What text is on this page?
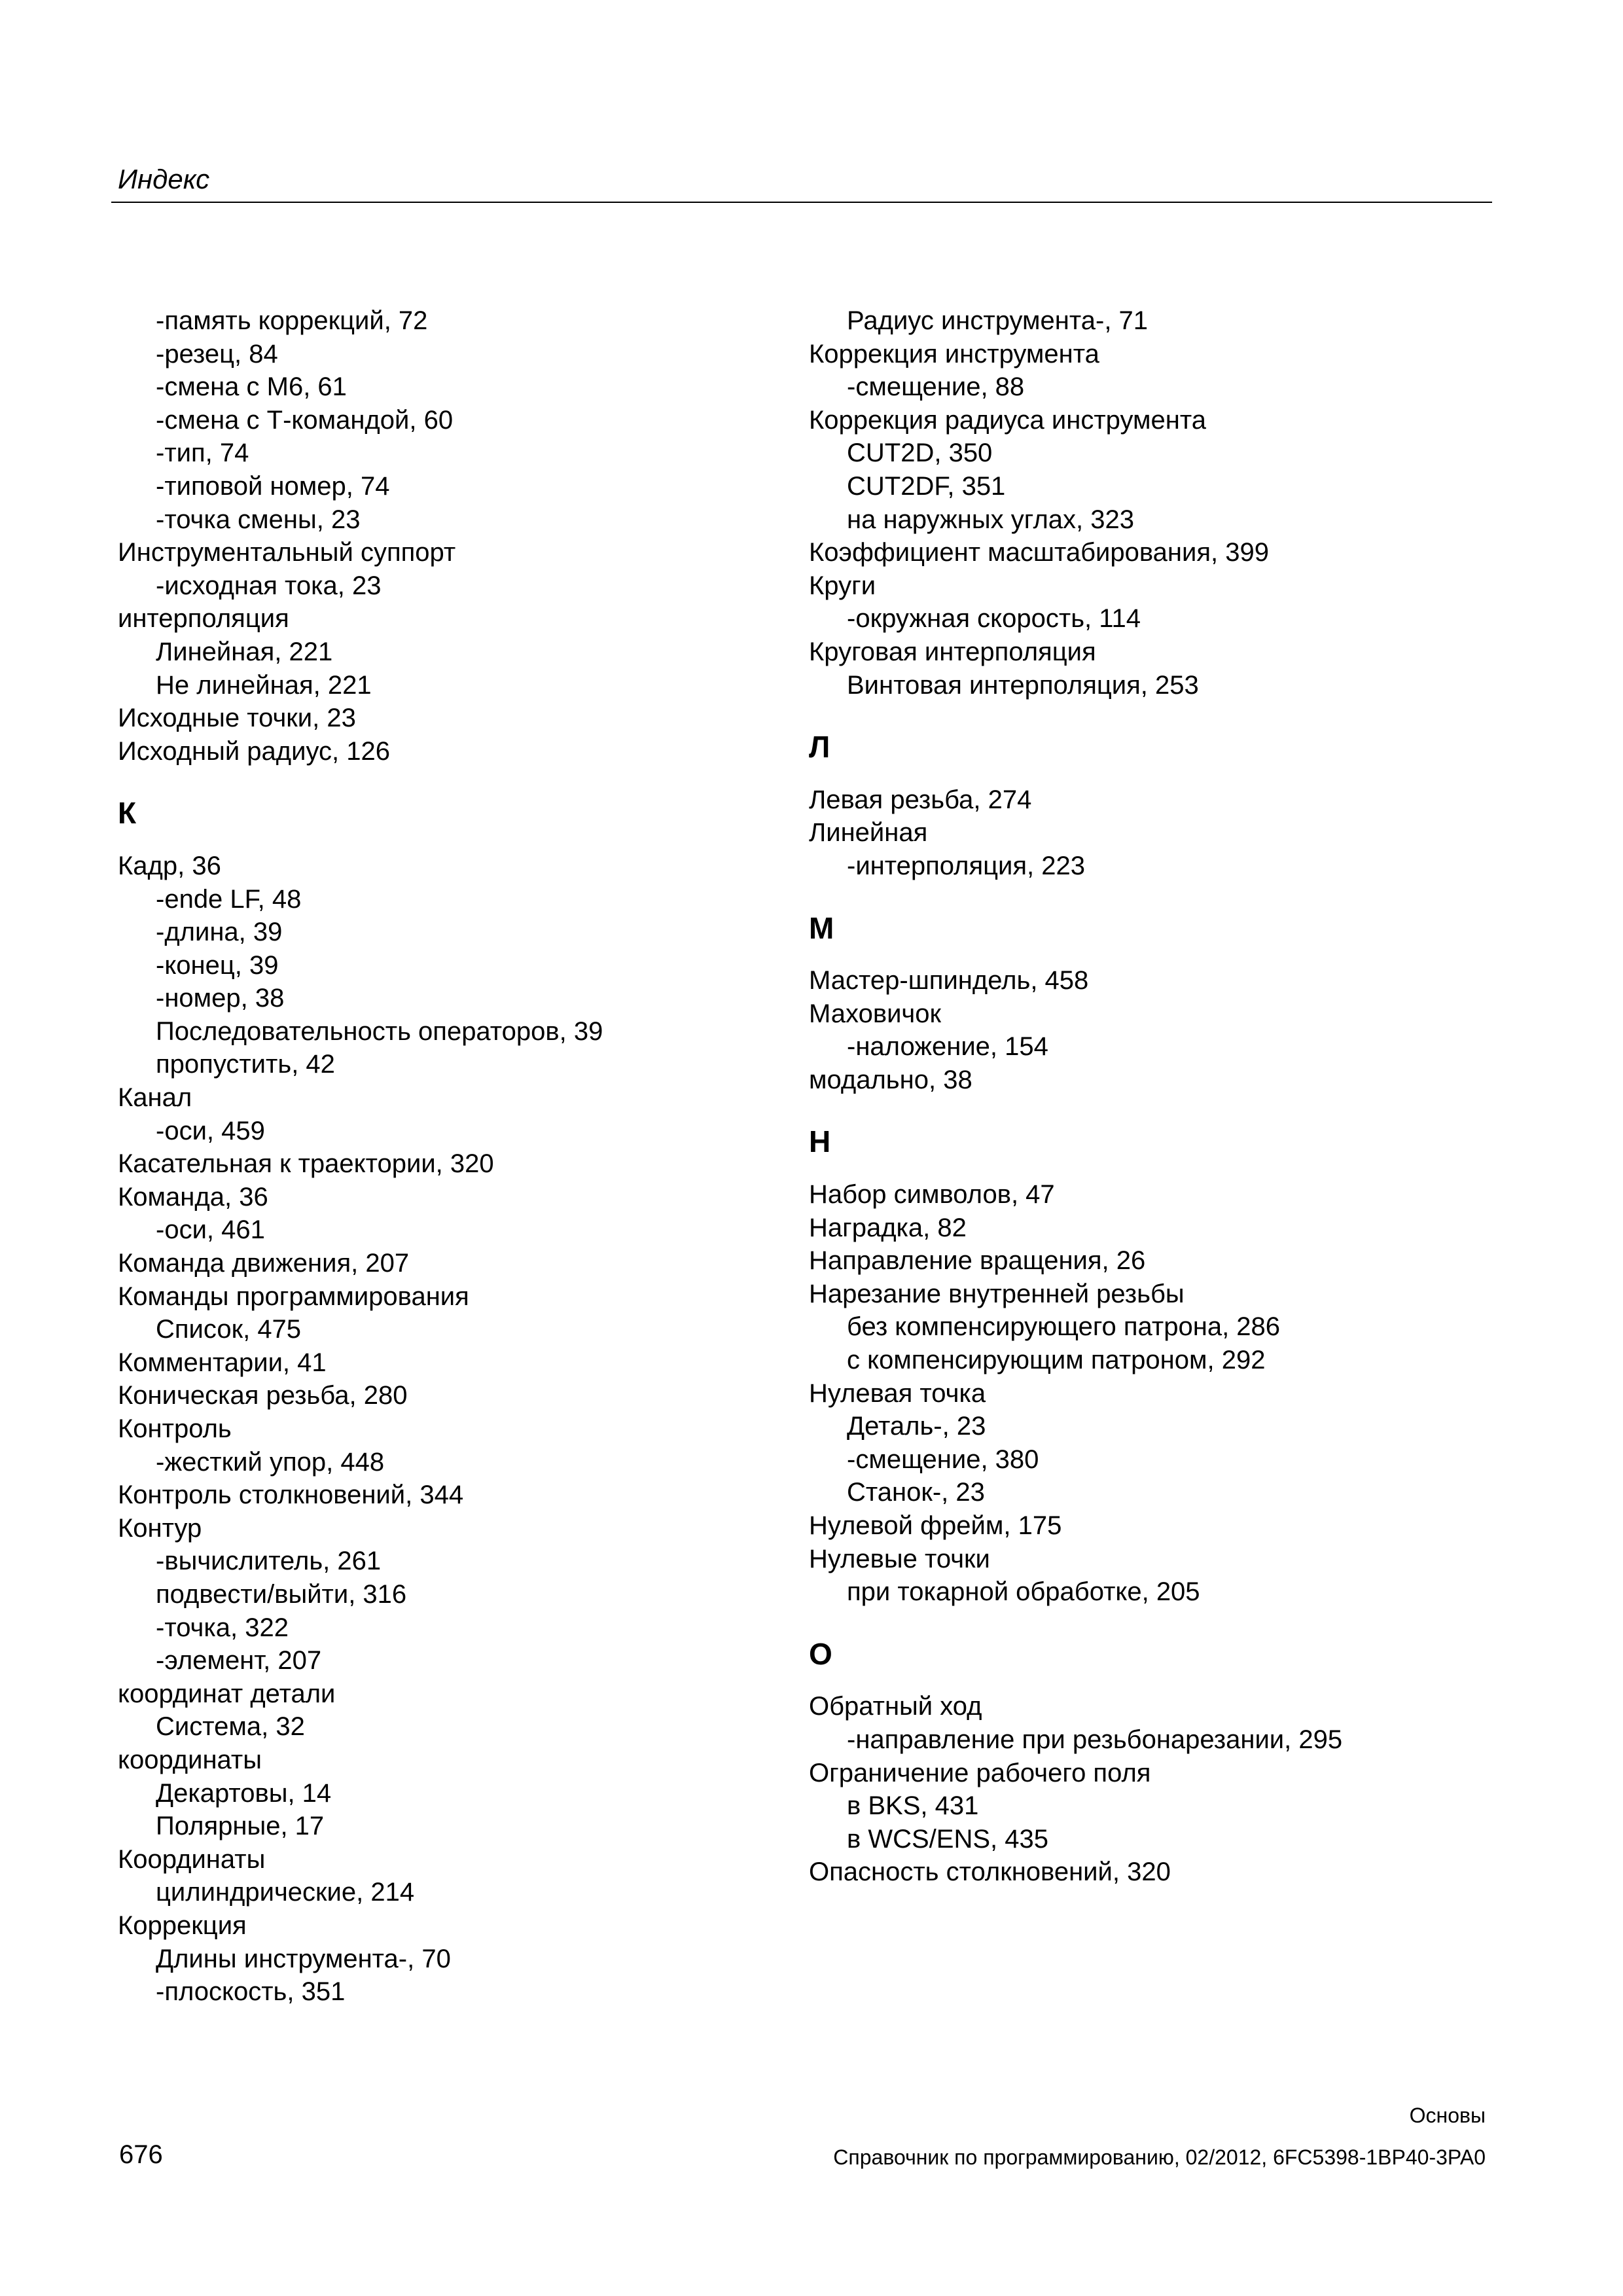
Индекс
-память коррекций, 72
-резец, 84
-смена с M6, 61
-смена с Т-командой, 60
-тип, 74
-типовой номер, 74
-точка смены, 23
Инструментальный суппорт
-исходная тока, 23
интерполяция
Линейная, 221
Не линейная, 221
Исходные точки, 23
Исходный радиус, 126
К
Кадр, 36
-ende LF, 48
-длина, 39
-конец, 39
-номер, 38
Последовательность операторов, 39
пропустить, 42
Канал
-оси, 459
Касательная к траектории, 320
Команда, 36
-оси, 461
Команда движения, 207
Команды программирования
Список, 475
Комментарии, 41
Коническая резьба, 280
Контроль
-жесткий упор, 448
Контроль столкновений, 344
Контур
-вычислитель, 261
подвести/выйти, 316
-точка, 322
-элемент, 207
координат детали
Система, 32
координаты
Декартовы, 14
Полярные, 17
Координаты
цилиндрические, 214
Коррекция
Длины инструмента-, 70
-плоскость, 351
Радиус инструмента-, 71
Коррекция инструмента
-смещение, 88
Коррекция радиуса инструмента
CUT2D, 350
CUT2DF, 351
на наружных углах, 323
Коэффициент масштабирования, 399
Круги
-окружная скорость, 114
Круговая интерполяция
Винтовая интерполяция, 253
Л
Левая резьба, 274
Линейная
-интерполяция, 223
М
Мастер-шпиндель, 458
Маховичок
-наложение, 154
модально, 38
Н
Набор символов, 47
Наградка, 82
Направление вращения, 26
Нарезание внутренней резьбы
без компенсирующего патрона, 286
с компенсирующим патроном, 292
Нулевая точка
Деталь-, 23
-смещение, 380
Станок-, 23
Нулевой фрейм, 175
Нулевые точки
при токарной обработке, 205
О
Обратный ход
-направление при резьбонарезании, 295
Ограничение рабочего поля
в BKS, 431
в WCS/ENS, 435
Опасность столкновений, 320
Основы
676	Справочник по программированию, 02/2012, 6FC5398-1BP40-3PA0
